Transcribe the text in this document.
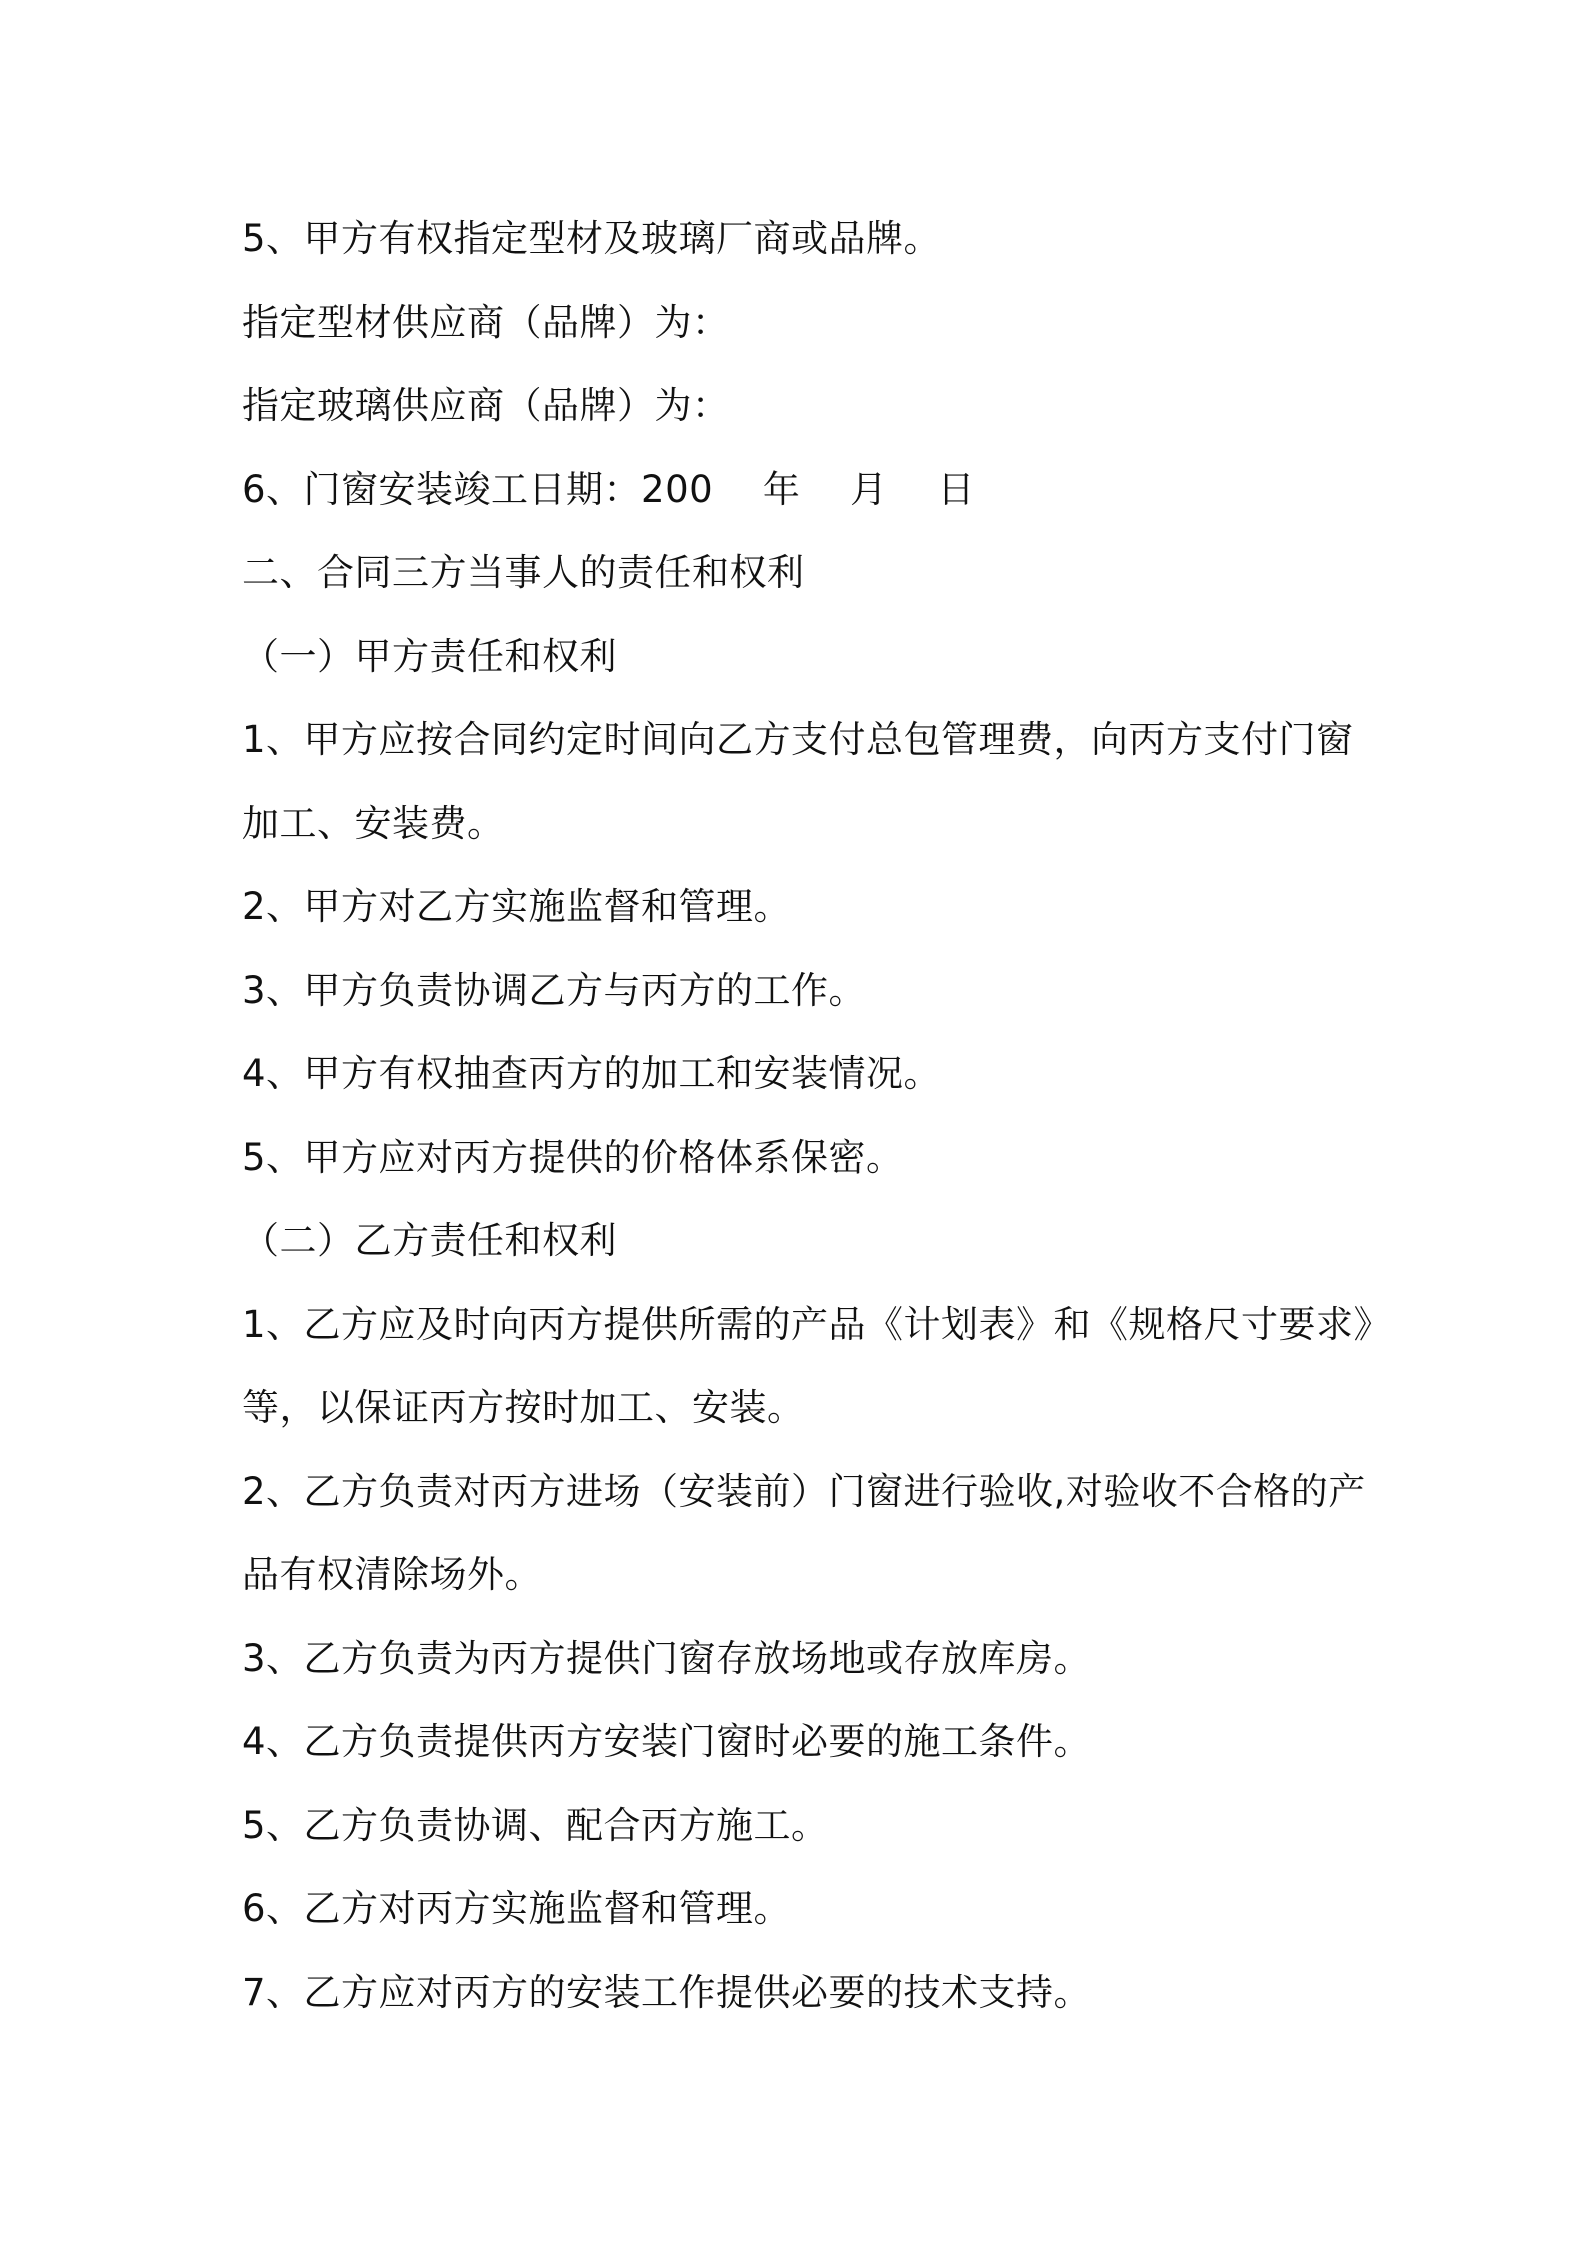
5、甲方有权指定型材及玻璃厂商或品牌。
指定型材供应商（品牌）为：
指定玻璃供应商（品牌）为：
6、门窗安装竣工日期：200　 年　 月　 日
二、合同三方当事人的责任和权利
（一）甲方责任和权利
1、甲方应按合同约定时间向乙方支付总包管理费，向丙方支付门窗
加工、安装费。
2、甲方对乙方实施监督和管理。
3、甲方负责协调乙方与丙方的工作。
4、甲方有权抽查丙方的加工和安装情况。
5、甲方应对丙方提供的价格体系保密。
（二）乙方责任和权利
1、乙方应及时向丙方提供所需的产品《计划表》和《规格尺寸要求》
等，以保证丙方按时加工、安装。
2、乙方负责对丙方进场（安装前）门窗进行验收,对验收不合格的产
品有权清除场外。
3、乙方负责为丙方提供门窗存放场地或存放库房。
4、乙方负责提供丙方安装门窗时必要的施工条件。
5、乙方负责协调、配合丙方施工。
6、乙方对丙方实施监督和管理。
7、乙方应对丙方的安装工作提供必要的技术支持。
